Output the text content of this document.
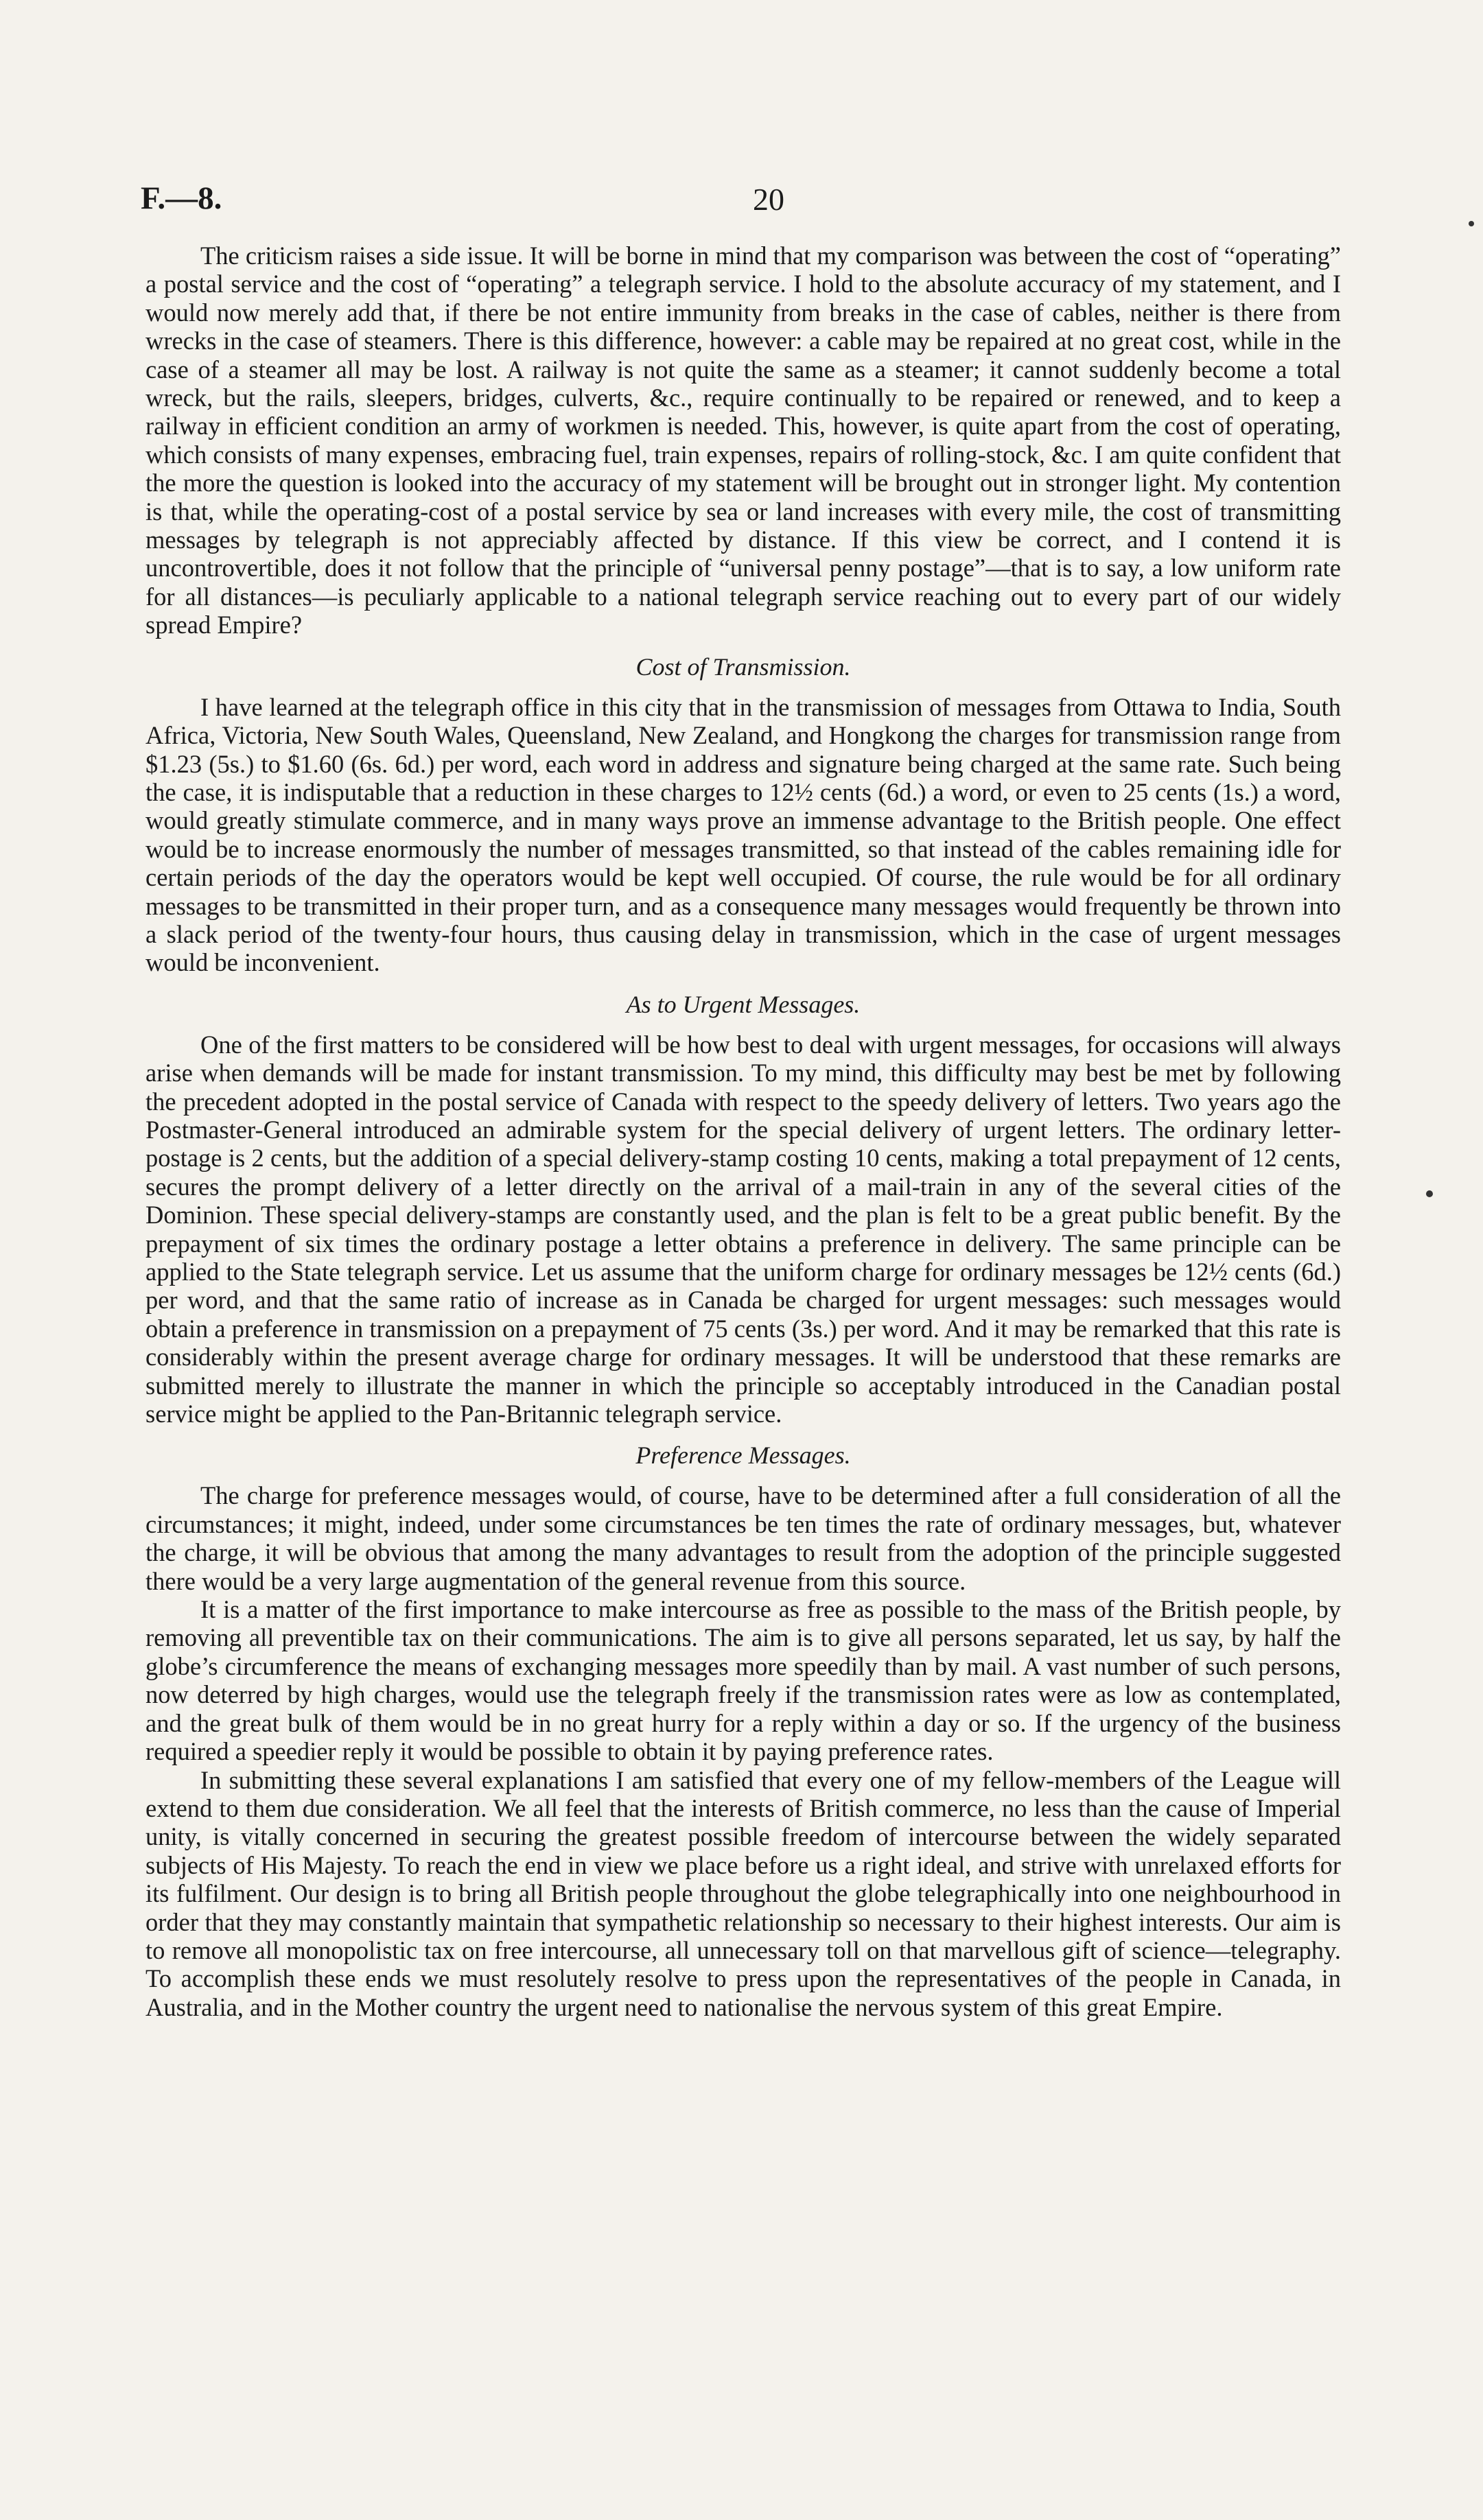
F.—8.	20

The criticism raises a side issue. It will be borne in mind that my comparison was between the cost of “operating” a postal service and the cost of “operating” a telegraph service. I hold to the absolute accuracy of my statement, and I would now merely add that, if there be not entire immunity from breaks in the case of cables, neither is there from wrecks in the case of steamers. There is this difference, however: a cable may be repaired at no great cost, while in the case of a steamer all may be lost. A railway is not quite the same as a steamer; it cannot suddenly become a total wreck, but the rails, sleepers, bridges, culverts, &c., require continually to be repaired or renewed, and to keep a railway in efficient condition an army of workmen is needed. This, however, is quite apart from the cost of operating, which consists of many expenses, embracing fuel, train expenses, repairs of rolling-stock, &c. I am quite confident that the more the question is looked into the accuracy of my statement will be brought out in stronger light. My contention is that, while the operating-cost of a postal service by sea or land increases with every mile, the cost of transmitting messages by telegraph is not appreciably affected by distance. If this view be correct, and I contend it is uncontrovertible, does it not follow that the principle of “universal penny postage”—that is to say, a low uniform rate for all distances—is peculiarly applicable to a national telegraph service reaching out to every part of our widely spread Empire?

Cost of Transmission.

I have learned at the telegraph office in this city that in the transmission of messages from Ottawa to India, South Africa, Victoria, New South Wales, Queensland, New Zealand, and Hongkong the charges for transmission range from $1.23 (5s.) to $1.60 (6s. 6d.) per word, each word in address and signature being charged at the same rate. Such being the case, it is indisputable that a reduction in these charges to 12½ cents (6d.) a word, or even to 25 cents (1s.) a word, would greatly stimulate commerce, and in many ways prove an immense advantage to the British people. One effect would be to increase enormously the number of messages transmitted, so that instead of the cables remaining idle for certain periods of the day the operators would be kept well occupied. Of course, the rule would be for all ordinary messages to be transmitted in their proper turn, and as a consequence many messages would frequently be thrown into a slack period of the twenty-four hours, thus causing delay in transmission, which in the case of urgent messages would be inconvenient.

As to Urgent Messages.

One of the first matters to be considered will be how best to deal with urgent messages, for occasions will always arise when demands will be made for instant transmission. To my mind, this difficulty may best be met by following the precedent adopted in the postal service of Canada with respect to the speedy delivery of letters. Two years ago the Postmaster-General introduced an admirable system for the special delivery of urgent letters. The ordinary letter-postage is 2 cents, but the addition of a special delivery-stamp costing 10 cents, making a total prepayment of 12 cents, secures the prompt delivery of a letter directly on the arrival of a mail-train in any of the several cities of the Dominion. These special delivery-stamps are constantly used, and the plan is felt to be a great public benefit. By the prepayment of six times the ordinary postage a letter obtains a preference in delivery. The same principle can be applied to the State telegraph service. Let us assume that the uniform charge for ordinary messages be 12½ cents (6d.) per word, and that the same ratio of increase as in Canada be charged for urgent messages: such messages would obtain a preference in transmission on a prepayment of 75 cents (3s.) per word. And it may be remarked that this rate is considerably within the present average charge for ordinary messages. It will be understood that these remarks are submitted merely to illustrate the manner in which the principle so acceptably introduced in the Canadian postal service might be applied to the Pan-Britannic telegraph service.

Preference Messages.

The charge for preference messages would, of course, have to be determined after a full consideration of all the circumstances; it might, indeed, under some circumstances be ten times the rate of ordinary messages, but, whatever the charge, it will be obvious that among the many advantages to result from the adoption of the principle suggested there would be a very large augmentation of the general revenue from this source.

It is a matter of the first importance to make intercourse as free as possible to the mass of the British people, by removing all preventible tax on their communications. The aim is to give all persons separated, let us say, by half the globe’s circumference the means of exchanging messages more speedily than by mail. A vast number of such persons, now deterred by high charges, would use the telegraph freely if the transmission rates were as low as contemplated, and the great bulk of them would be in no great hurry for a reply within a day or so. If the urgency of the business required a speedier reply it would be possible to obtain it by paying preference rates.

In submitting these several explanations I am satisfied that every one of my fellow-members of the League will extend to them due consideration. We all feel that the interests of British commerce, no less than the cause of Imperial unity, is vitally concerned in securing the greatest possible freedom of intercourse between the widely separated subjects of His Majesty. To reach the end in view we place before us a right ideal, and strive with unrelaxed efforts for its fulfilment. Our design is to bring all British people throughout the globe telegraphically into one neighbourhood in order that they may constantly maintain that sympathetic relationship so necessary to their highest interests. Our aim is to remove all monopolistic tax on free intercourse, all unnecessary toll on that marvellous gift of science—telegraphy. To accomplish these ends we must resolutely resolve to press upon the representatives of the people in Canada, in Australia, and in the Mother country the urgent need to nationalise the nervous system of this great Empire.
